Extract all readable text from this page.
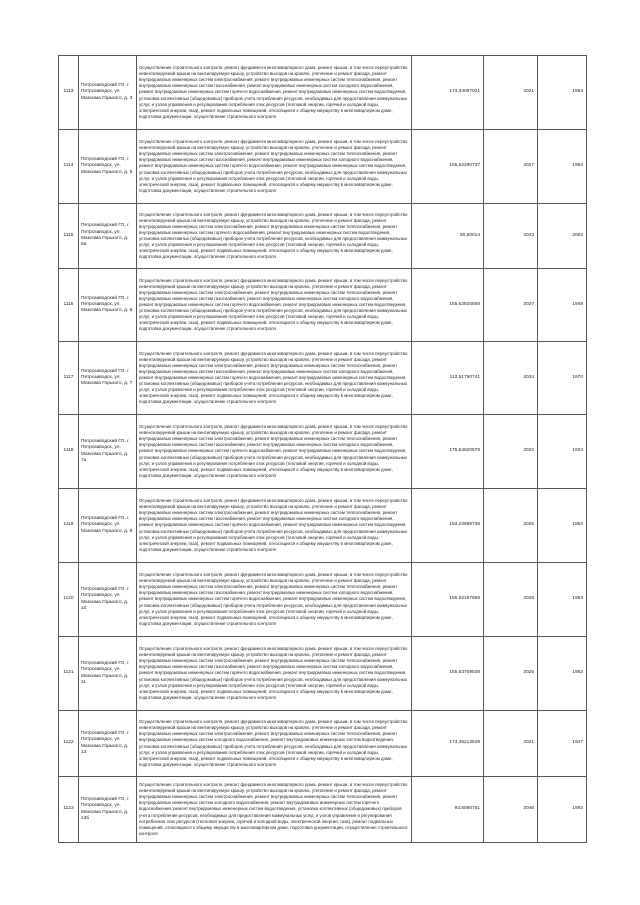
1113	Петрозаводский ГО, г. Петрозаводск, ул. Максима Горького, д. 3	Осуществление строительного контроля, ремонт фундамента многоквартирного дома, ремонт крыши, в том числе переустройство невентилируемой крыши на вентилируемую крышу, устройство выходов на кровлю, утепление и ремонт фасада, ремонт внутридомовых инженерных систем электроснабжения, ремонт внутридомовых инженерных систем теплоснабжения, ремонт внутридомовых инженерных систем газоснабжения, ремонт внутридомовых инженерных систем холодного водоснабжения, ремонт внутридомовых инженерных систем горячего водоснабжения, ремонт внутридомовых инженерных систем водоотведения, установка коллективных (общедомовых) приборов учета потребления ресурсов, необходимых для предоставления коммунальных услуг, и узлов управления и регулирования потребления этих ресурсов (тепловой энергии, горячей и холодной воды, электрической энергии, газа), ремонт подвальных помещений, относящихся к общему имуществу в многоквартирном доме, подготовка документации, осуществление строительного контроля	173,34097021	2021	1954
1114	Петрозаводский ГО, г. Петрозаводск, ул. Максима Горького, д. 5	Осуществление строительного контроля, ремонт фундамента многоквартирного дома, ремонт крыши, в том числе переустройство невентилируемой крыши на вентилируемую крышу, устройство выходов на кровлю, утепление и ремонт фасада, ремонт внутридомовых инженерных систем электроснабжения, ремонт внутридомовых инженерных систем теплоснабжения, ремонт внутридомовых инженерных систем газоснабжения, ремонт внутридомовых инженерных систем холодного водоснабжения, ремонт внутридомовых инженерных систем горячего водоснабжения, ремонт внутридомовых инженерных систем водоотведения, установка коллективных (общедомовых) приборов учета потребления ресурсов, необходимых для предоставления коммунальных услуг, и узлов управления и регулирования потребления этих ресурсов (тепловой энергии, горячей и холодной воды, электрической энергии, газа), ремонт подвальных помещений, относящихся к общему имуществу в многоквартирном доме, подготовка документации, осуществление строительного контроля	155,52290737	2027	1954
1115	Петрозаводский ГО, г. Петрозаводск, ул. Максима Горького, д. 5а	Осуществление строительного контроля, ремонт фундамента многоквартирного дома, ремонт крыши, в том числе переустройство невентилируемой крыши на вентилируемую крышу, устройство выходов на кровлю, утепление и ремонт фасада, ремонт внутридомовых инженерных систем электроснабжения, ремонт внутридомовых инженерных систем теплоснабжения, ремонт внутридомовых инженерных систем горячего водоснабжения, ремонт внутридомовых инженерных систем водоотведения, установка коллективных (общедомовых) приборов учета потребления ресурсов, необходимых для предоставления коммунальных услуг, и узлов управления и регулирования потребления этих ресурсов (тепловой энергии, горячей и холодной воды, электрической энергии, газа), ремонт подвальных помещений, относящихся к общему имуществу в многоквартирном доме, подготовка документации, осуществление строительного контроля	50,50014	2043	2002
1116	Петрозаводский ГО, г. Петрозаводск, ул. Максима Горького, д. 6	Осуществление строительного контроля, ремонт фундамента многоквартирного дома, ремонт крыши, в том числе переустройство невентилируемой крыши на вентилируемую крышу, устройство выходов на кровлю, утепление и ремонт фасада, ремонт внутридомовых инженерных систем электроснабжения, ремонт внутридомовых инженерных систем теплоснабжения, ремонт внутридомовых инженерных систем газоснабжения, ремонт внутридомовых инженерных систем холодного водоснабжения, ремонт внутридомовых инженерных систем горячего водоснабжения, ремонт внутридомовых инженерных систем водоотведения, установка коллективных (общедомовых) приборов учета потребления ресурсов, необходимых для предоставления коммунальных услуг, и узлов управления и регулирования потребления этих ресурсов (тепловой энергии, горячей и холодной воды, электрической энергии, газа), ремонт подвальных помещений, относящихся к общему имуществу в многоквартирном доме, подготовка документации, осуществление строительного контроля	155,52820559	2027	1949
1117	Петрозаводский ГО, г. Петрозаводск, ул. Максима Горького, д. 7	Осуществление строительного контроля, ремонт фундамента многоквартирного дома, ремонт крыши, в том числе переустройство невентилируемой крыши на вентилируемую крышу, устройство выходов на кровлю, утепление и ремонт фасада, ремонт внутридомовых инженерных систем электроснабжения, ремонт внутридомовых инженерных систем теплоснабжения, ремонт внутридомовых инженерных систем газоснабжения, ремонт внутридомовых инженерных систем холодного водоснабжения, ремонт внутридомовых инженерных систем горячего водоснабжения, ремонт внутридомовых инженерных систем водоотведения, установка коллективных (общедомовых) приборов учета потребления ресурсов, необходимых для предоставления коммунальных услуг, и узлов управления и регулирования потребления этих ресурсов (тепловой энергии, горячей и холодной воды, электрической энергии, газа), ремонт подвальных помещений, относящихся к общему имуществу в многоквартирном доме, подготовка документации, осуществление строительного контроля	113,51790741	2034	1970
1118	Петрозаводский ГО, г. Петрозаводск, ул. Максима Горького, д. 7а	Осуществление строительного контроля, ремонт фундамента многоквартирного дома, ремонт крыши, в том числе переустройство невентилируемой крыши на вентилируемую крышу, устройство выходов на кровлю, утепление и ремонт фасада, ремонт внутридомовых инженерных систем электроснабжения, ремонт внутридомовых инженерных систем теплоснабжения, ремонт внутридомовых инженерных систем газоснабжения, ремонт внутридомовых инженерных систем холодного водоснабжения, ремонт внутридомовых инженерных систем горячего водоснабжения, ремонт внутридомовых инженерных систем водоотведения, установка коллективных (общедомовых) приборов учета потребления ресурсов, необходимых для предоставления коммунальных услуг, и узлов управления и регулирования потребления этих ресурсов (тепловой энергии, горячей и холодной воды, электрической энергии, газа), ремонт подвальных помещений, относящихся к общему имуществу в многоквартирном доме, подготовка документации, осуществление строительного контроля	175,54620579	2022	1934
1119	Петрозаводский ГО, г. Петрозаводск, ул. Максима Горького, д. 8	Осуществление строительного контроля, ремонт фундамента многоквартирного дома, ремонт крыши, в том числе переустройство невентилируемой крыши на вентилируемую крышу, устройство выходов на кровлю, утепление и ремонт фасада, ремонт внутридомовых инженерных систем электроснабжения, ремонт внутридомовых инженерных систем теплоснабжения, ремонт внутридомовых инженерных систем газоснабжения, ремонт внутридомовых инженерных систем холодного водоснабжения, ремонт внутридомовых инженерных систем горячего водоснабжения, ремонт внутридомовых инженерных систем водоотведения, установка коллективных (общедомовых) приборов учета потребления ресурсов, необходимых для предоставления коммунальных услуг, и узлов управления и регулирования потребления этих ресурсов (тепловой энергии, горячей и холодной воды, электрической энергии, газа), ремонт подвальных помещений, относящихся к общему имуществу в многоквартирном доме, подготовка документации, осуществление строительного контроля	153,23695738	2025	1952
1120	Петрозаводский ГО, г. Петрозаводск, ул. Максима Горького, д. 10	Осуществление строительного контроля, ремонт фундамента многоквартирного дома, ремонт крыши, в том числе переустройство невентилируемой крыши на вентилируемую крышу, устройство выходов на кровлю, утепление и ремонт фасада, ремонт внутридомовых инженерных систем электроснабжения, ремонт внутридомовых инженерных систем теплоснабжения, ремонт внутридомовых инженерных систем газоснабжения, ремонт внутридомовых инженерных систем холодного водоснабжения, ремонт внутридомовых инженерных систем горячего водоснабжения, ремонт внутридомовых инженерных систем водоотведения, установка коллективных (общедомовых) приборов учета потребления ресурсов, необходимых для предоставления коммунальных услуг, и узлов управления и регулирования потребления этих ресурсов (тепловой энергии, горячей и холодной воды, электрической энергии, газа), ремонт подвальных помещений, относящихся к общему имуществу в многоквартирном доме, подготовка документации, осуществление строительного контроля	155,52197869	2028	1953
1121	Петрозаводский ГО, г. Петрозаводск, ул. Максима Горького, д. 11	Осуществление строительного контроля, ремонт фундамента многоквартирного дома, ремонт крыши, в том числе переустройство невентилируемой крыши на вентилируемую крышу, устройство выходов на кровлю, утепление и ремонт фасада, ремонт внутридомовых инженерных систем электроснабжения, ремонт внутридомовых инженерных систем теплоснабжения, ремонт внутридомовых инженерных систем газоснабжения, ремонт внутридомовых инженерных систем холодного водоснабжения, ремонт внутридомовых инженерных систем горячего водоснабжения, ремонт внутридомовых инженерных систем водоотведения, установка коллективных (общедомовых) приборов учета потребления ресурсов, необходимых для предоставления коммунальных услуг, и узлов управления и регулирования потребления этих ресурсов (тепловой энергии, горячей и холодной воды, электрической энергии, газа), ремонт подвальных помещений, относящихся к общему имуществу в многоквартирном доме, подготовка документации, осуществление строительного контроля	155,53709538	2025	1952
1122	Петрозаводский ГО, г. Петрозаводск, ул. Максима Горького, д. 13	Осуществление строительного контроля, ремонт фундамента многоквартирного дома, ремонт крыши, в том числе переустройство невентилируемой крыши на вентилируемую крышу, устройство выходов на кровлю, утепление и ремонт фасада, ремонт внутридомовых инженерных систем электроснабжения, ремонт внутридомовых инженерных систем теплоснабжения, ремонт внутридомовых инженерных систем холодного водоснабжения, ремонт внутридомовых инженерных систем водоотведения, установка коллективных (общедомовых) приборов учета потребления ресурсов, необходимых для предоставления коммунальных услуг, и узлов управления и регулирования потребления этих ресурсов (тепловой энергии, горячей и холодной воды, электрической энергии, газа), ремонт подвальных помещений, относящихся к общему имуществу в многоквартирном доме, подготовка документации, осуществление строительного контроля	173,35213549	2021	1947
1123	Петрозаводский ГО, г. Петрозаводск, ул. Максима Горького, д. 13б	Осуществление строительного контроля, ремонт фундамента многоквартирного дома, ремонт крыши, в том числе переустройство невентилируемой крыши на вентилируемую крышу, устройство выходов на кровлю, утепление и ремонт фасада, ремонт внутридомовых инженерных систем электроснабжения, ремонт внутридомовых инженерных систем теплоснабжения, ремонт внутридомовых инженерных систем холодного водоснабжения, ремонт внутридомовых инженерных систем горячего водоснабжения, ремонт внутридомовых инженерных систем водоотведения, установка коллективных (общедомовых) приборов учета потребления ресурсов, необходимых для предоставления коммунальных услуг, и узлов управления и регулирования потребления этих ресурсов (тепловой энергии, горячей и холодной воды, электрической энергии, газа), ремонт подвальных помещений, относящихся к общему имуществу в многоквартирном доме, подготовка документации, осуществление строительного контроля	93,5066751	2046	1992
